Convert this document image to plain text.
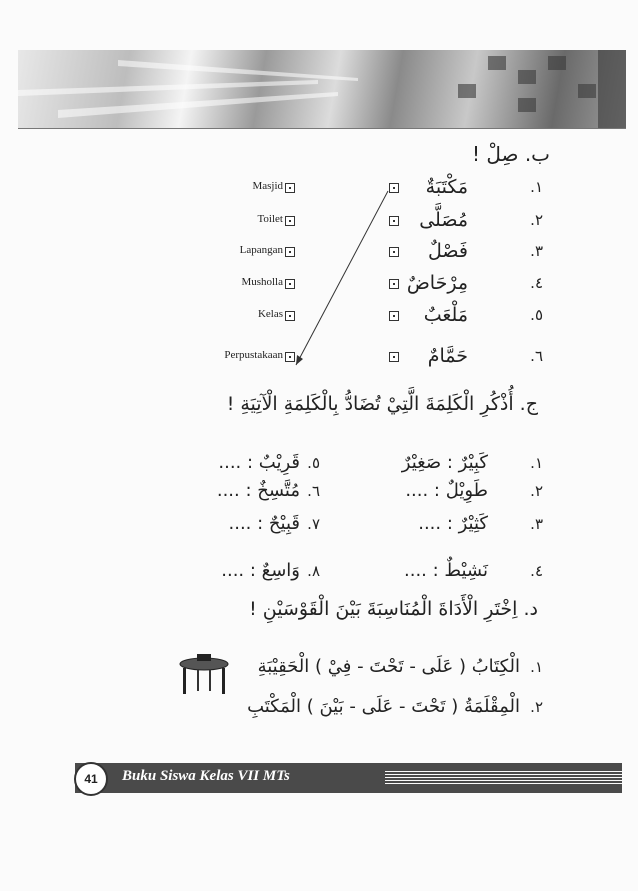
ب. صِلْ !
١.
مَكْتَبَةٌ
Masjid
٢.
مُصَلَّى
Toilet
٣.
فَصْلٌ
Lapangan
٤.
مِرْحَاضٌ
Musholla
٥.
مَلْعَبٌ
Kelas
٦.
حَمَّامٌ
Perpustakaan
ج. أُذْكُرِ الْكَلِمَةَ الَّتِيْ تُضَادُّ بِالْكَلِمَةِ الْآتِيَةِ !
١.
كَبِيْرٌ : صَغِيْرٌ
٢.
طَوِيْلٌ : ....
٣.
كَثِيْرٌ : ....
٤.
نَشِيْطٌ : ....
٥.
قَرِيْبٌ : ....
٦.
مُتَّسِخٌ : ....
٧.
قَبِيْحٌ : ....
٨.
وَاسِعٌ : ....
د. اِخْتَرِ الْأَدَاةَ الْمُنَاسِبَةَ بَيْنَ الْقَوْسَيْنِ !
١.
الْكِتَابُ ( عَلَى - تَحْتَ - فِيْ ) الْحَقِيْبَةِ
٢.
الْمِقْلَمَةُ ( تَحْتَ - عَلَى - بَيْنَ ) الْمَكْتَبِ
41	Buku Siswa Kelas VII MTs
